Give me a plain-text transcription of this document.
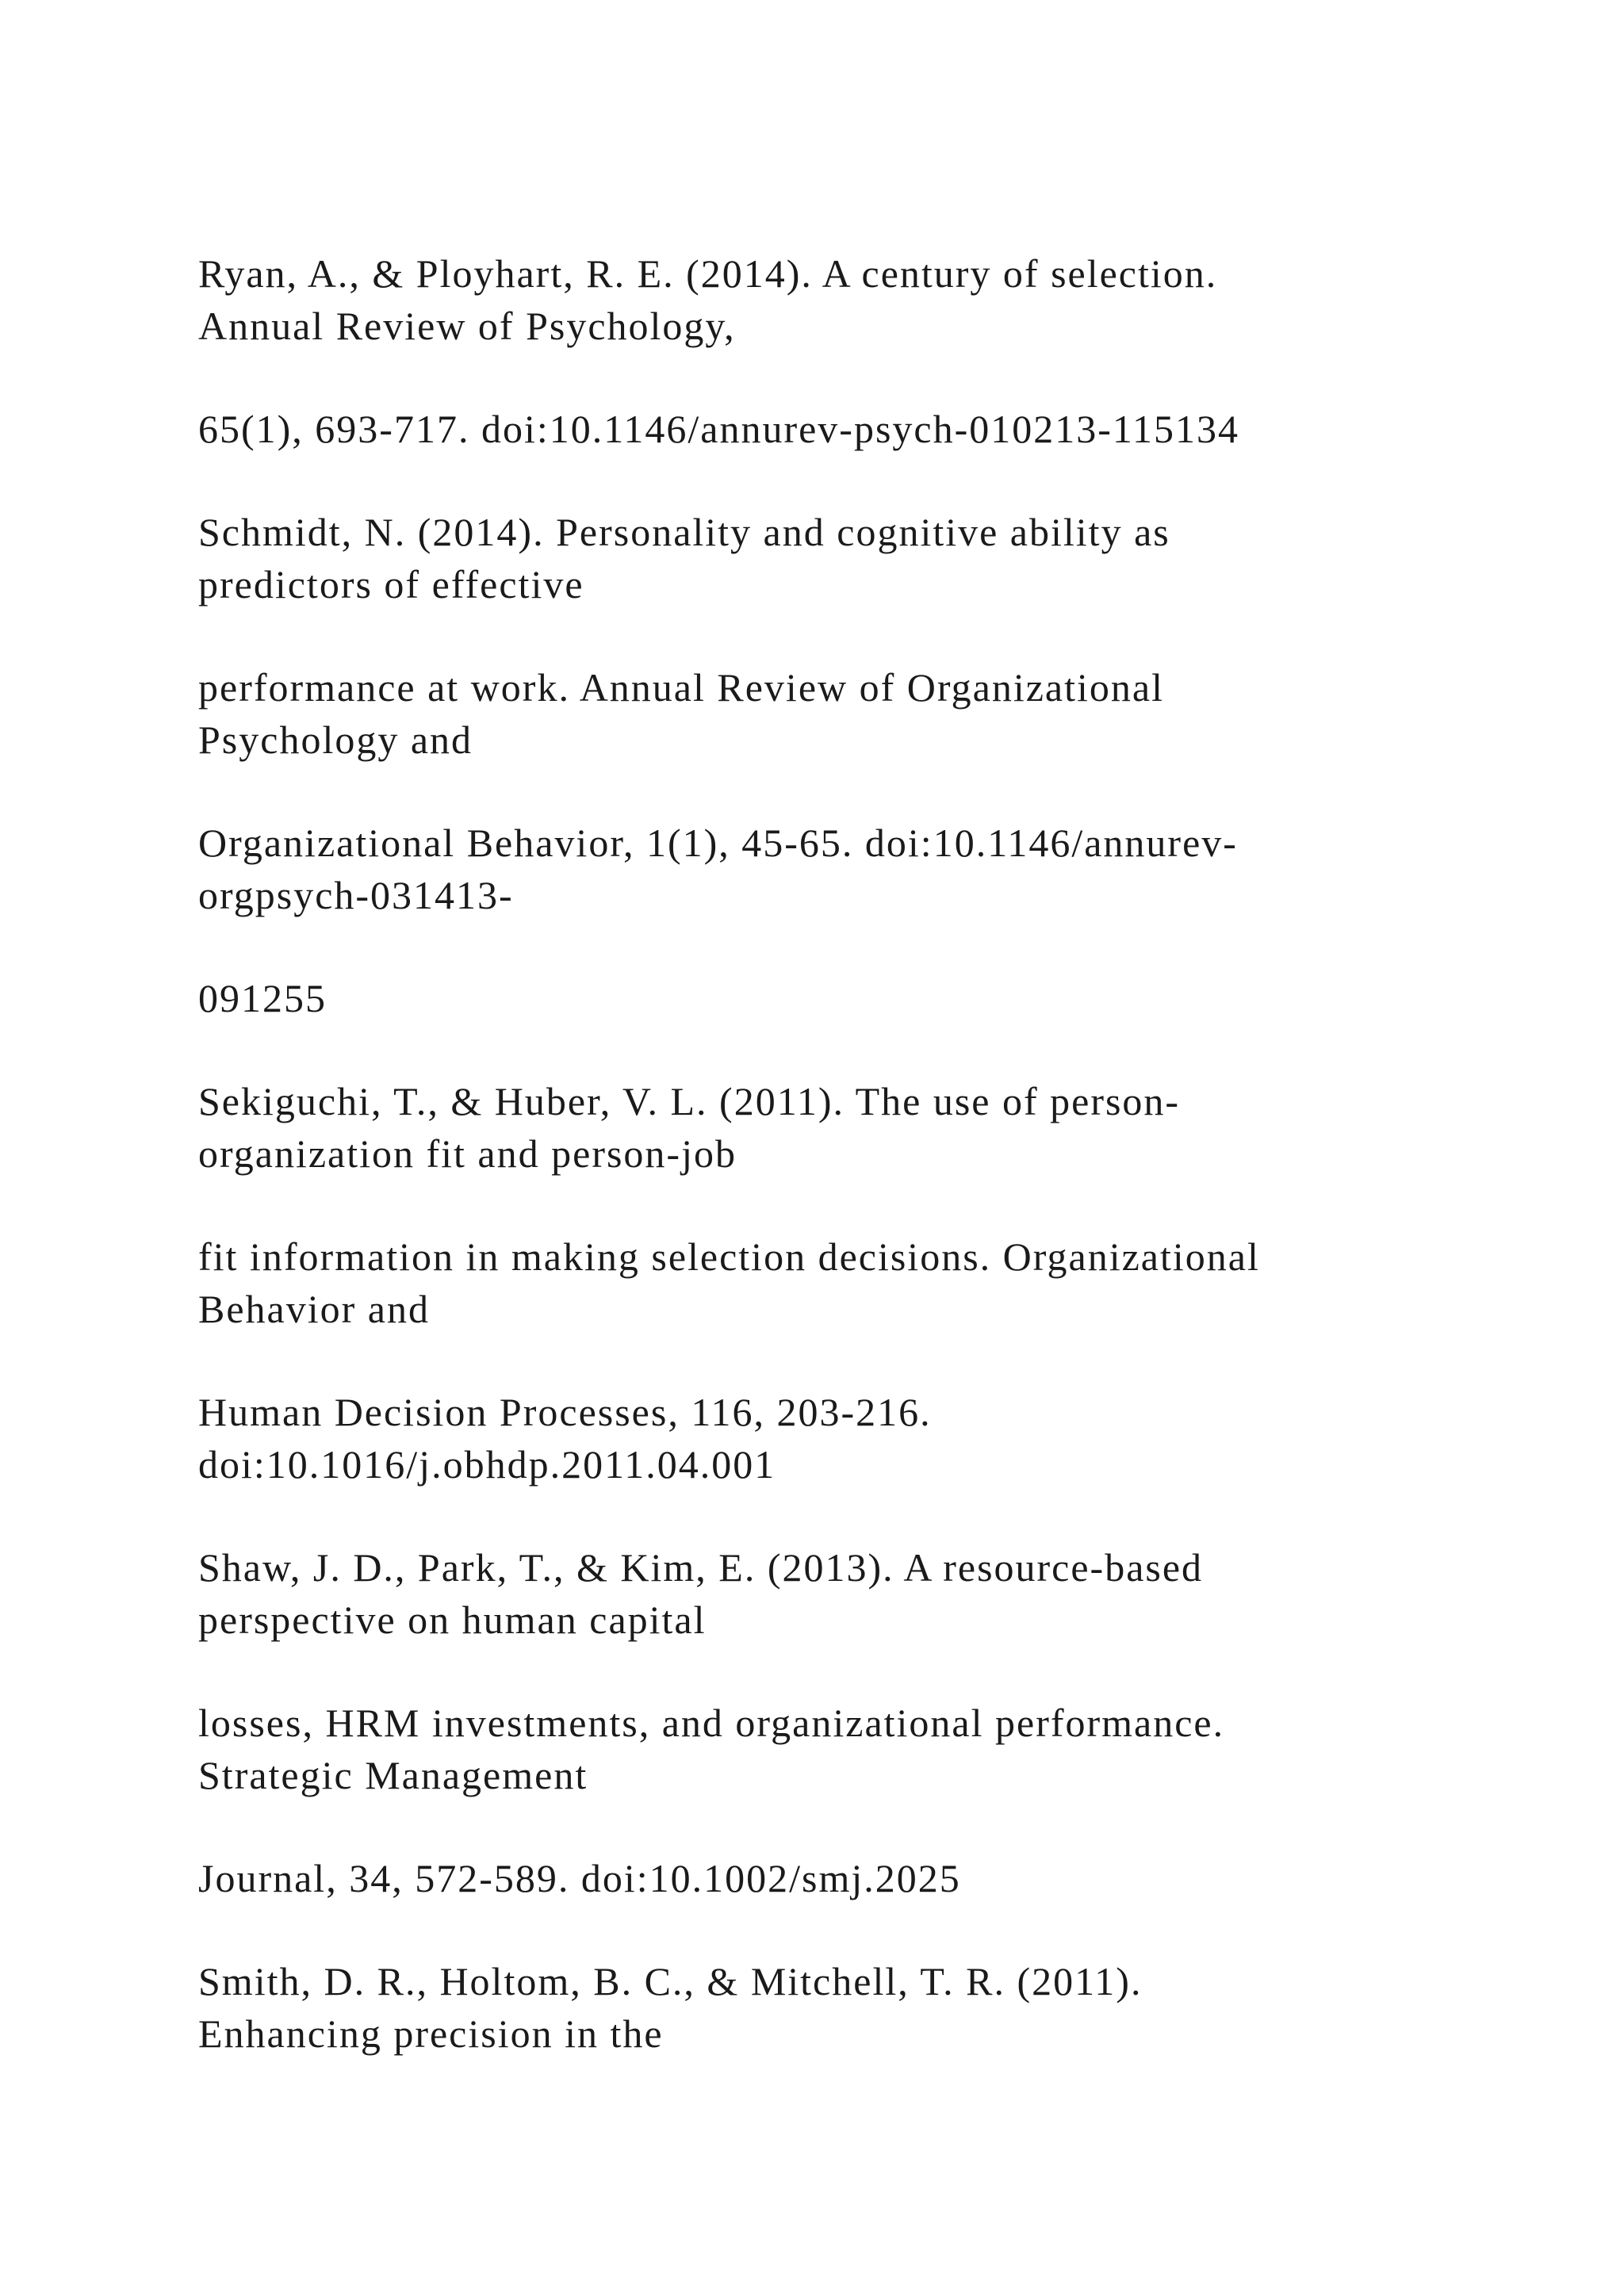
Ryan, A., & Ployhart, R. E. (2014). A century of selection.
Annual Review of Psychology,

65(1), 693-717. doi:10.1146/annurev-psych-010213-115134

Schmidt, N. (2014). Personality and cognitive ability as
predictors of effective

performance at work. Annual Review of Organizational
Psychology and

Organizational Behavior, 1(1), 45-65. doi:10.1146/annurev-
orgpsych-031413-

091255

Sekiguchi, T., & Huber, V. L. (2011). The use of person-
organization fit and person-job

fit information in making selection decisions. Organizational
Behavior and

Human Decision Processes, 116, 203-216.
doi:10.1016/j.obhdp.2011.04.001

Shaw, J. D., Park, T., & Kim, E. (2013). A resource-based
perspective on human capital

losses, HRM investments, and organizational performance.
Strategic Management

Journal, 34, 572-589. doi:10.1002/smj.2025

Smith, D. R., Holtom, B. C., & Mitchell, T. R. (2011).
Enhancing precision in the
